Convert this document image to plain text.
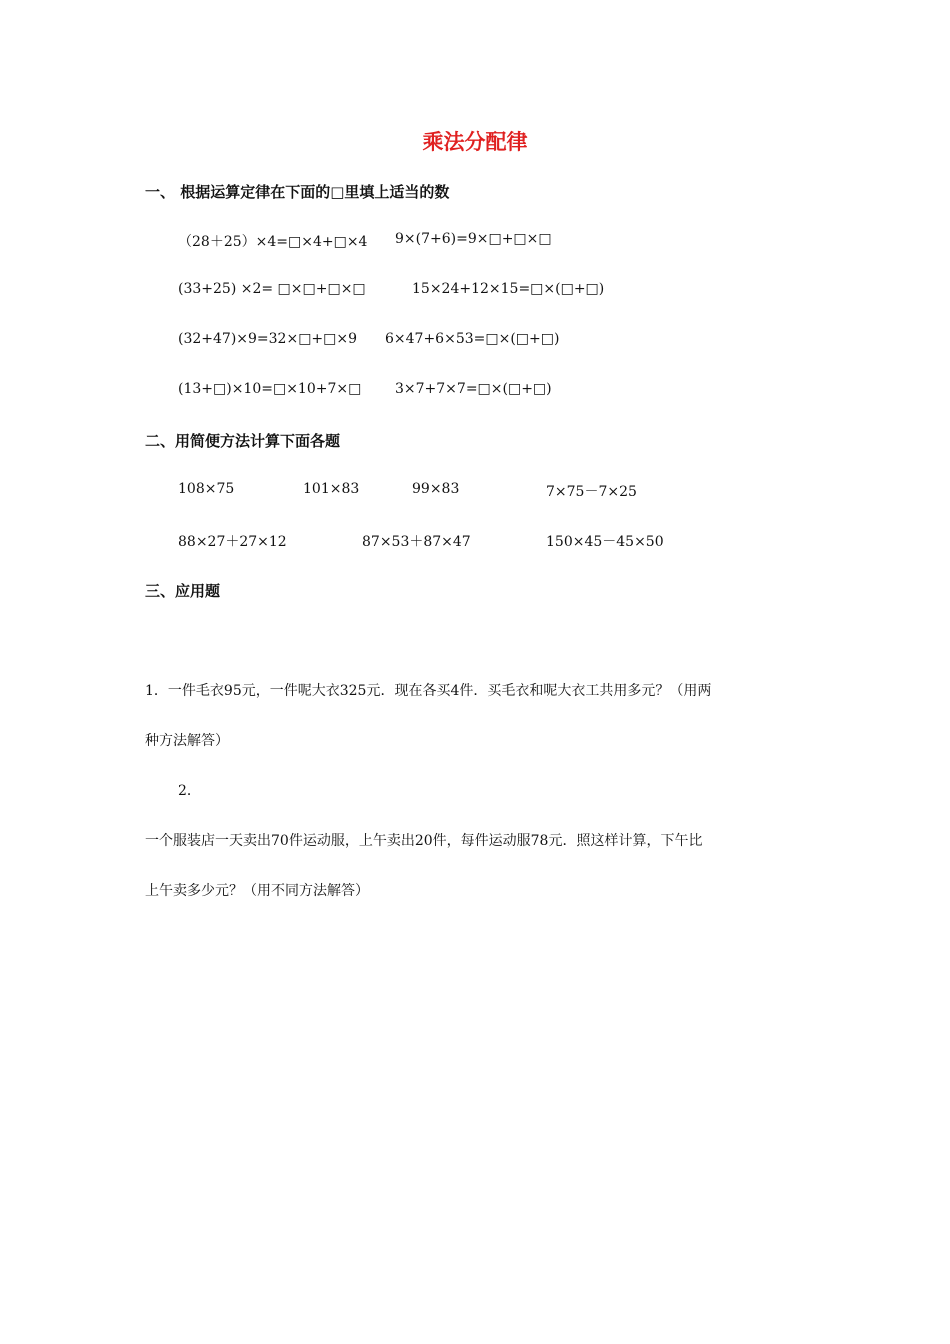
乘法分配律
一、 根据运算定律在下面的□里填上适当的数
（28＋25）×4=□×4+□×4 9×(7+6)=9×□+□×□
(33+25) ×2= □×□+□×□	15×24+12×15=□×(□+□)
(32+47)×9=32×□+□×9 6×47+6×53=□×(□+□)
(13+□)×10=□×10+7×□ 3×7+7×7=□×(□+□)
二、用简便方法计算下面各题
108×75	101×83	99×83	7×75－7×25
88×27＋27×12	87×53＋87×47	150×45－45×50
三、应用题
1．一件毛衣95元，一件呢大衣325元．现在各买4件．买毛衣和呢大衣工共用多元？（用两
种方法解答）
2．
一个服装店一天卖出70件运动服，上午卖出20件，每件运动服78元．照这样计算，下午比
上午卖多少元？（用不同方法解答）
